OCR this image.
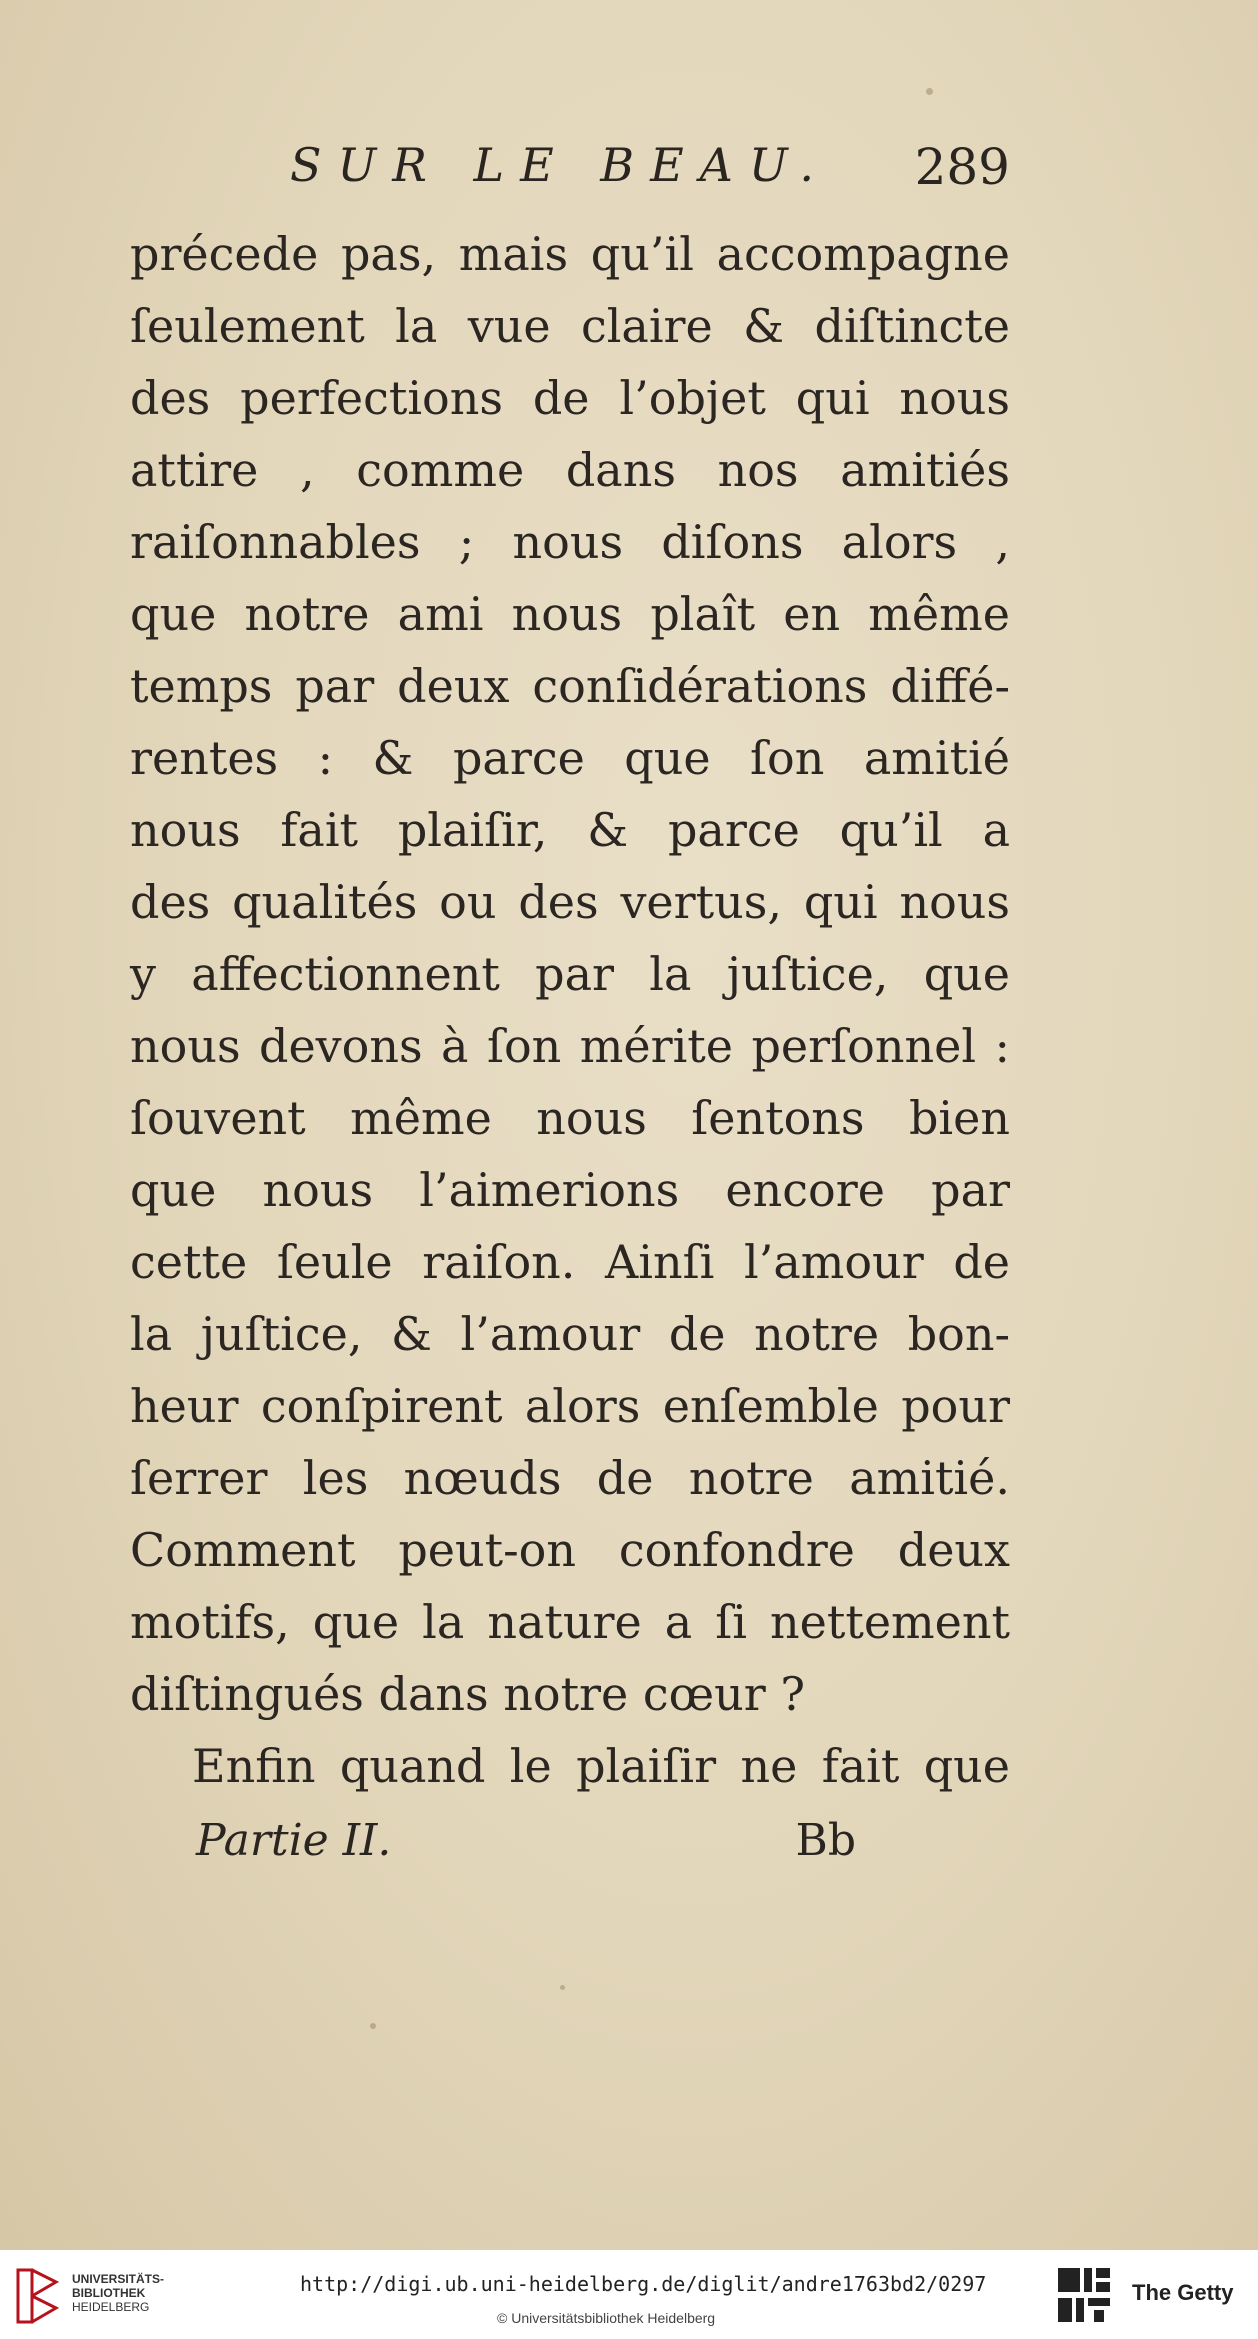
SUR LE BEAU. 289
précede pas, mais qu’il accompagne
ſeulement la vue claire & diſtincte
des perfections de l’objet qui nous
attire , comme dans nos amitiés
raiſonnables ; nous diſons alors ,
que notre ami nous plaît en même
temps par deux conſidérations diffé-
rentes : & parce que ſon amitié
nous fait plaiſir, & parce qu’il a
des qualités ou des vertus, qui nous
y affectionnent par la juſtice, que
nous devons à ſon mérite perſonnel :
ſouvent même nous ſentons bien
que nous l’aimerions encore par
cette ſeule raiſon. Ainſi l’amour de
la juſtice, & l’amour de notre bon-
heur conſpirent alors enſemble pour
ſerrer les nœuds de notre amitié.
Comment peut-on confondre deux
motifs, que la nature a ſi nettement
diſtingués dans notre cœur ?
Enfin quand le plaiſir ne fait que
Partie II.	Bb
UNIVERSITÄTS-
BIBLIOTHEK
HEIDELBERG
http://digi.ub.uni-heidelberg.de/diglit/andre1763bd2/0297
© Universitätsbibliothek Heidelberg
The Getty
